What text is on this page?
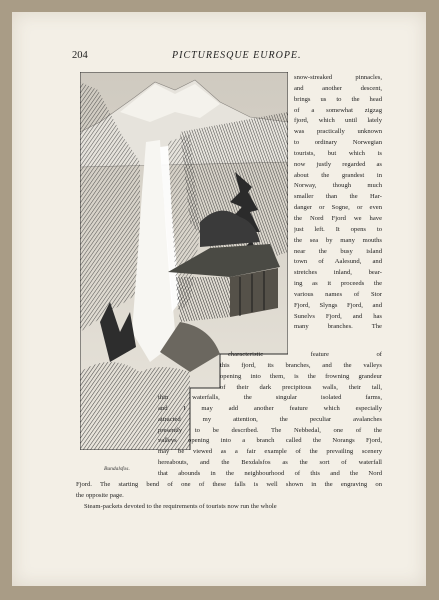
204	PICTURESQUE EUROPE.
Bundalsfos.
snow-streaked pinnacles,
and another descent,
brings us to the head
of a somewhat zigzag
fjord, which until lately
was practically unknown
to ordinary Norwegian
tourists, but which is
now justly regarded as
about the grandest in
Norway, though much
smaller than the Har-
danger or Sogne, or even
the Nord Fjord we have
just left. It opens to
the sea by many mouths
near the busy island
town of Aalesund, and
stretches inland, bear-
ing as it proceeds the
various names of Stor
Fjord, Slyngs Fjord, and
Sunelvs Fjord, and has
many branches. The
characteristic feature of
this fjord, its branches, and the valleys
opening into them, is the frowning grandeur
of their dark precipitous walls, their tall,
thin waterfalls, the singular isolated farms,
and I may add another feature which especially
attracted my attention, the peculiar avalanches
presently to be described. The Nebbedal, one of the
valleys opening into a branch called the Norangs Fjord,
may be viewed as a fair example of the prevailing scenery
hereabouts, and the Bexdalsfos as the sort of waterfall
that abounds in the neighbourhood of this and the Nord
Fjord. The starting bend of one of these falls is well shown in the engraving on
the opposite page.
Steam-packets devoted to the requirements of tourists now run the whole
